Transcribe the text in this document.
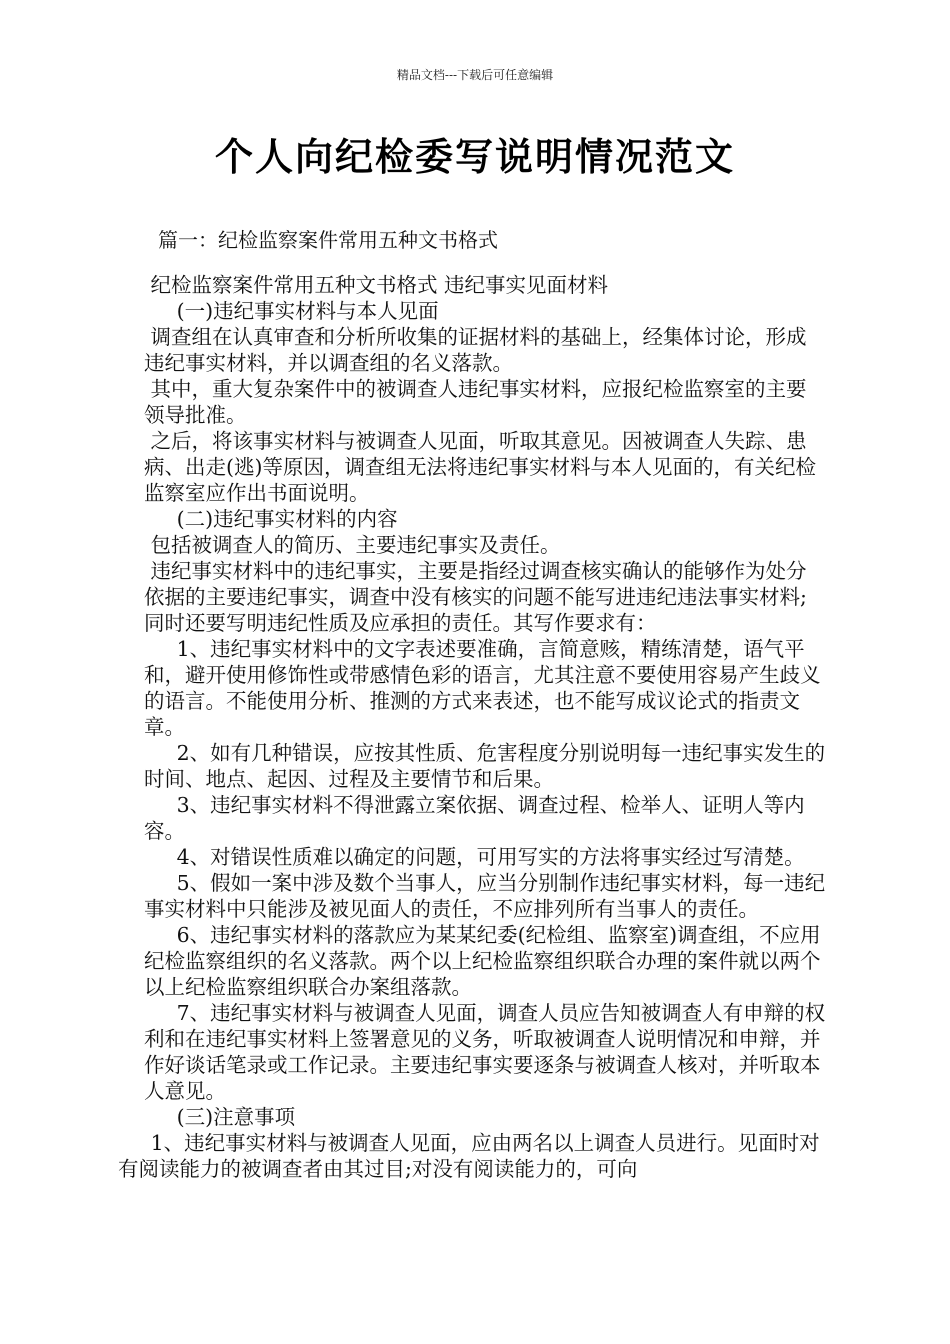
精品文档---下载后可任意编辑
个人向纪检委写说明情况范文
篇一：纪检监察案件常用五种文书格式

纪检监察案件常用五种文书格式 违纪事实见面材料

(一)违纪事实材料与本人见面

调查组在认真审查和分析所收集的证据材料的基础上，经集体讨论，形成违纪事实材料，并以调查组的名义落款。

其中，重大复杂案件中的被调查人违纪事实材料，应报纪检监察室的主要领导批准。

之后，将该事实材料与被调查人见面，听取其意见。因被调查人失踪、患病、出走(逃)等原因，调查组无法将违纪事实材料与本人见面的，有关纪检监察室应作出书面说明。

(二)违纪事实材料的内容

包括被调查人的简历、主要违纪事实及责任。

违纪事实材料中的违纪事实，主要是指经过调查核实确认的能够作为处分依据的主要违纪事实，调查中没有核实的问题不能写进违纪违法事实材料;同时还要写明违纪性质及应承担的责任。其写作要求有：

1、违纪事实材料中的文字表述要准确，言简意赅，精练清楚，语气平和，避开使用修饰性或带感情色彩的语言，尤其注意不要使用容易产生歧义的语言。不能使用分析、推测的方式来表述，也不能写成议论式的指责文章。

2、如有几种错误，应按其性质、危害程度分别说明每一违纪事实发生的时间、地点、起因、过程及主要情节和后果。

3、违纪事实材料不得泄露立案依据、调查过程、检举人、证明人等内容。

4、对错误性质难以确定的问题，可用写实的方法将事实经过写清楚。

5、假如一案中涉及数个当事人，应当分别制作违纪事实材料，每一违纪事实材料中只能涉及被见面人的责任，不应排列所有当事人的责任。

6、违纪事实材料的落款应为某某纪委(纪检组、监察室)调查组，不应用纪检监察组织的名义落款。两个以上纪检监察组织联合办理的案件就以两个以上纪检监察组织联合办案组落款。

7、违纪事实材料与被调查人见面，调查人员应告知被调查人有申辩的权利和在违纪事实材料上签署意见的义务，听取被调查人说明情况和申辩，并作好谈话笔录或工作记录。主要违纪事实要逐条与被调查人核对，并听取本人意见。

(三)注意事项

1、违纪事实材料与被调查人见面，应由两名以上调查人员进行。见面时对有阅读能力的被调查者由其过目;对没有阅读能力的，可向
